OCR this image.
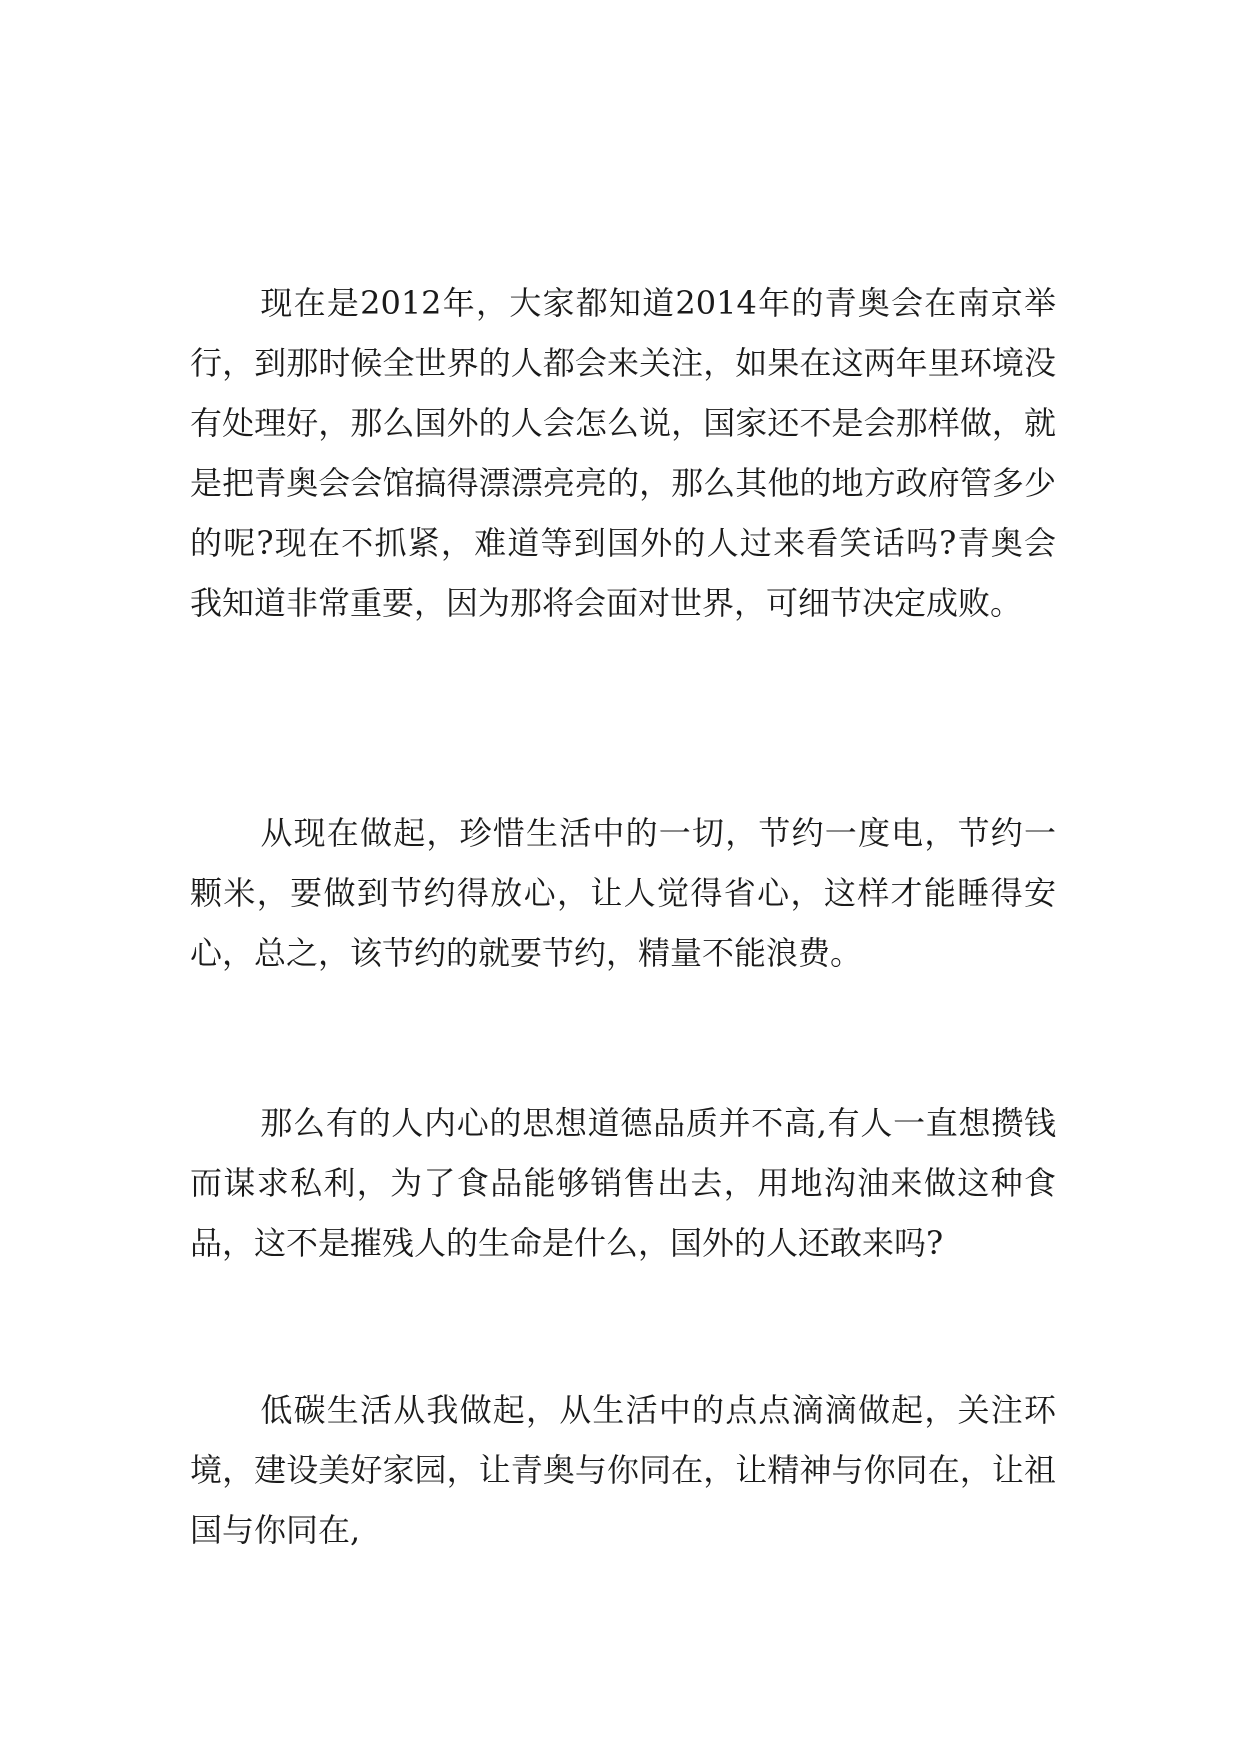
现在是2012年，大家都知道2014年的青奥会在南京举行，到那时候全世界的人都会来关注，如果在这两年里环境没有处理好，那么国外的人会怎么说，国家还不是会那样做，就是把青奥会会馆搞得漂漂亮亮的，那么其他的地方政府管多少的呢?现在不抓紧，难道等到国外的人过来看笑话吗?青奥会我知道非常重要，因为那将会面对世界，可细节决定成败。

从现在做起，珍惜生活中的一切，节约一度电，节约一颗米，要做到节约得放心，让人觉得省心，这样才能睡得安心，总之，该节约的就要节约，精量不能浪费。

那么有的人内心的思想道德品质并不高,有人一直想攒钱而谋求私利，为了食品能够销售出去，用地沟油来做这种食品，这不是摧残人的生命是什么，国外的人还敢来吗?

低碳生活从我做起，从生活中的点点滴滴做起，关注环境，建设美好家园，让青奥与你同在，让精神与你同在，让祖国与你同在,
